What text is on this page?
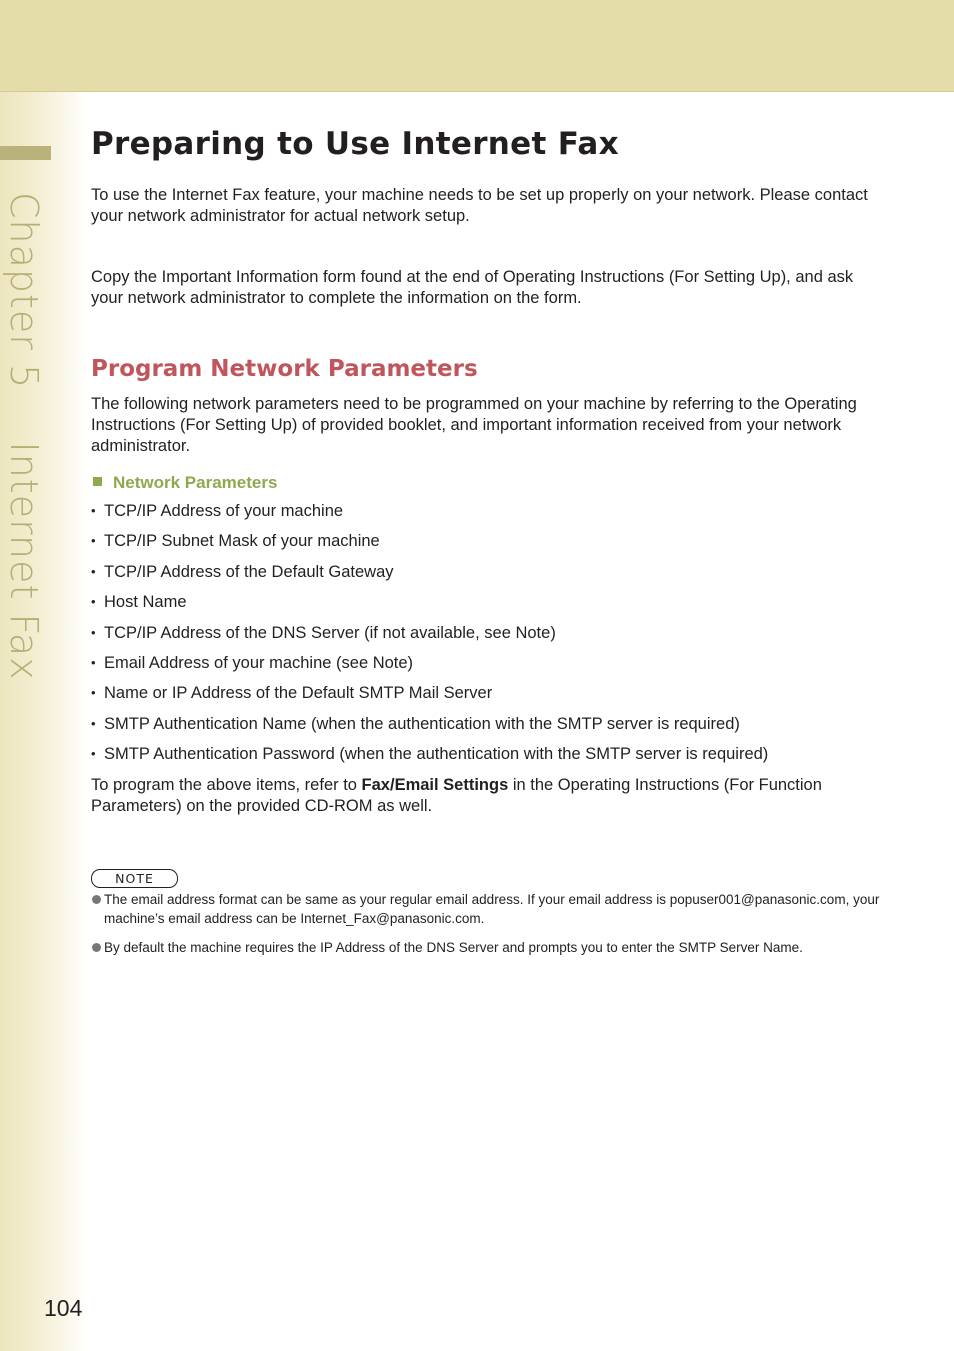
Chapter 5    Internet Fax
Preparing to Use Internet Fax

To use the Internet Fax feature, your machine needs to be set up properly on your network. Please contact your network administrator for actual network setup.

Copy the Important Information form found at the end of Operating Instructions (For Setting Up), and ask your network administrator to complete the information on the form.

Program Network Parameters

The following network parameters need to be programmed on your machine by referring to the Operating Instructions (For Setting Up) of provided booklet, and important information received from your network administrator.

Network Parameters
• TCP/IP Address of your machine
• TCP/IP Subnet Mask of your machine
• TCP/IP Address of the Default Gateway
• Host Name
• TCP/IP Address of the DNS Server (if not available, see Note)
• Email Address of your machine (see Note)
• Name or IP Address of the Default SMTP Mail Server
• SMTP Authentication Name (when the authentication with the SMTP server is required)
• SMTP Authentication Password (when the authentication with the SMTP server is required)

To program the above items, refer to Fax/Email Settings in the Operating Instructions (For Function Parameters) on the provided CD-ROM as well.

NOTE

The email address format can be same as your regular email address. If your email address is popuser001@panasonic.com, your machine’s email address can be Internet_Fax@panasonic.com.

By default the machine requires the IP Address of the DNS Server and prompts you to enter the SMTP Server Name.

104
